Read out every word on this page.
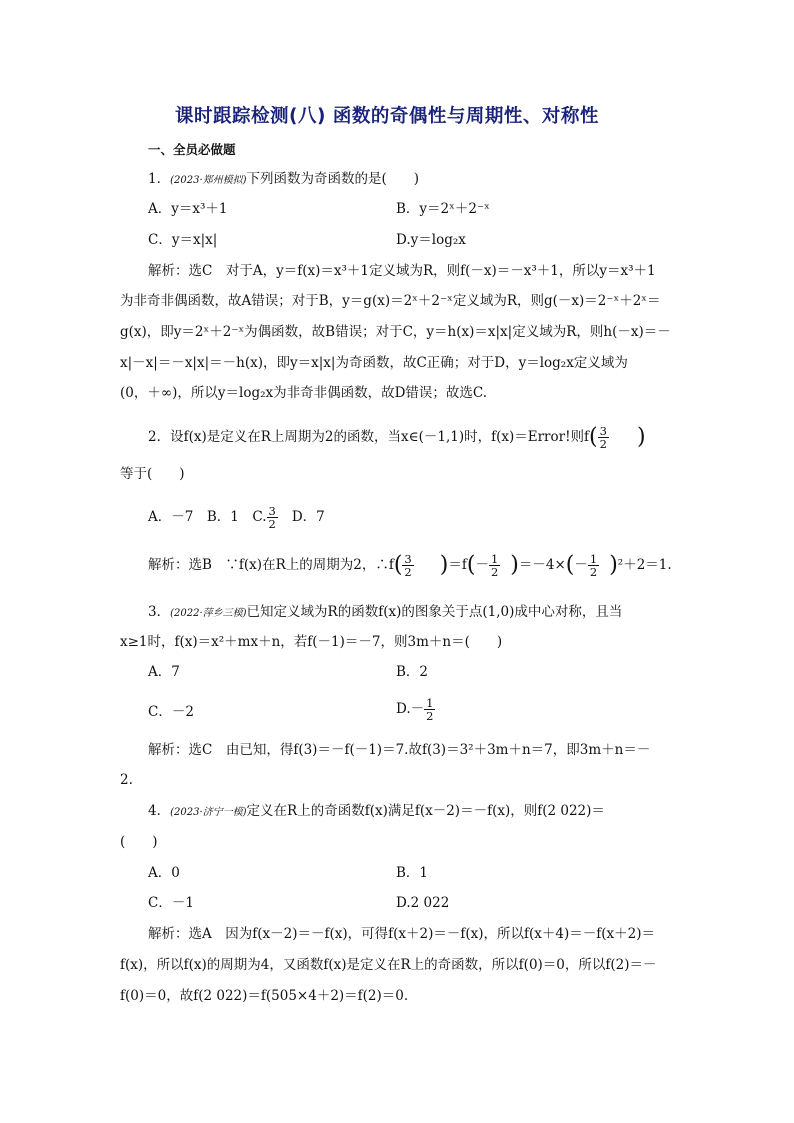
课时跟踪检测(八) 函数的奇偶性与周期性、对称性
一、全员必做题
1．(2023·郑州模拟)下列函数为奇函数的是(　　)
A．y＝x³＋1	B．y＝2ˣ＋2⁻ˣ
C．y＝x|x|	D.y＝log₂x
解析：选C　对于A，y＝f(x)＝x³＋1定义域为R，则f(－x)＝－x³＋1，所以y＝x³＋1
为非奇非偶函数，故A错误；对于B，y＝g(x)＝2ˣ＋2⁻ˣ定义域为R，则g(－x)＝2⁻ˣ＋2ˣ＝
g(x)，即y＝2ˣ＋2⁻ˣ为偶函数，故B错误；对于C，y＝h(x)＝x|x|定义域为R，则h(－x)＝－
x|－x|＝－x|x|＝－h(x)，即y＝x|x|为奇函数，故C正确；对于D，y＝log₂x定义域为
(0，＋∞)，所以y＝log₂x为非奇非偶函数，故D错误；故选C.
2．设f(x)是定义在R上周期为2的函数，当x∈(－1,1)时，f(x)＝Error!则$f( \frac{3}{2}$ )
等于(　　)
A．－7　B．1　C. $\frac{3}{2}$ D．7
解析：选B　∵f(x)在R上的周期为2，∴f( $\frac{3}{2} )=f(- \frac{1}{2} )=-4\times(- \frac{1}{2} )^2+2=1$.
3．(2022·萍乡三模)已知定义域为R的函数f(x)的图象关于点(1,0)成中心对称，且当
x≥1时，f(x)＝x²＋mx＋n，若f(－1)＝－7，则3m＋n＝(　　)
A．7	B．2
C．－2	$D.- \frac{1}{2}$
解析：选C　由已知，得f(3)＝－f(－1)＝7.故f(3)＝3²＋3m＋n＝7，即3m＋n＝－
2.
4．(2023·济宁一模)定义在R上的奇函数f(x)满足f(x－2)＝－f(x)，则f(2 022)＝
(　　)
A．0	B．1
C．－1	D.2 022
解析：选A　因为f(x－2)＝－f(x)，可得f(x＋2)＝－f(x)，所以f(x＋4)＝－f(x＋2)＝
f(x)，所以f(x)的周期为4，又函数f(x)是定义在R上的奇函数，所以f(0)＝0，所以f(2)＝－
f(0)＝0，故f(2 022)＝f(505×4＋2)＝f(2)＝0.
